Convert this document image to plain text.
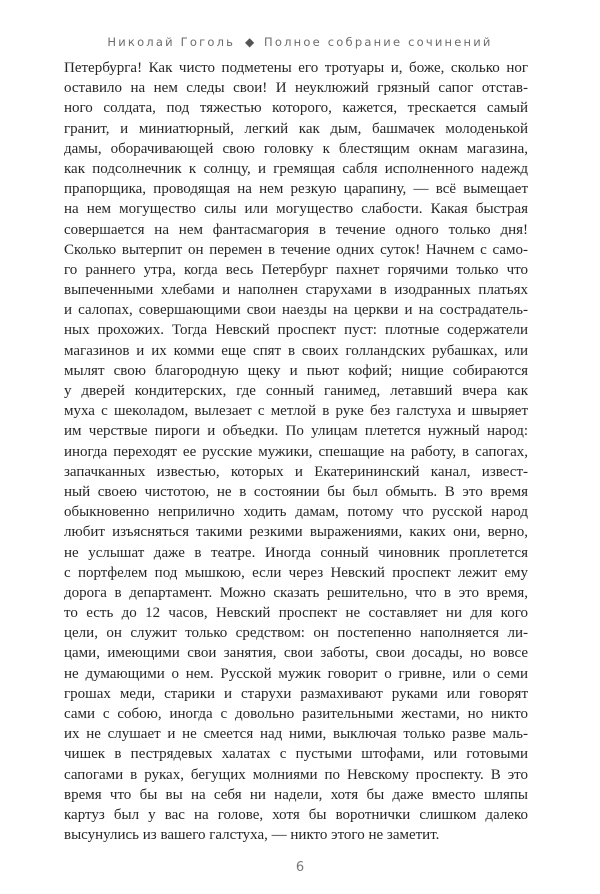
Николай Гоголь ◆ Полное собрание сочинений
Петербурга! Как чисто подметены его тротуары и, боже, сколько ног
оставило на нем следы свои! И неуклюжий грязный сапог отстав-
ного солдата, под тяжестью которого, кажется, трескается самый
гранит, и миниатюрный, легкий как дым, башмачек молоденькой
дамы, оборачивающей свою головку к блестящим окнам магазина,
как подсолнечник к солнцу, и гремящая сабля исполненного надежд
прапорщика, проводящая на нем резкую царапину, — всё вымещает
на нем могущество силы или могущество слабости. Какая быстрая
совершается на нем фантасмагория в течение одного только дня!
Сколько вытерпит он перемен в течение одних суток! Начнем с само-
го раннего утра, когда весь Петербург пахнет горячими только что
выпеченными хлебами и наполнен старухами в изодранных платьях
и салопах, совершающими свои наезды на церкви и на сострадатель-
ных прохожих. Тогда Невский проспект пуст: плотные содержатели
магазинов и их комми еще спят в своих голландских рубашках, или
мылят свою благородную щеку и пьют кофий; нищие собираются
у дверей кондитерских, где сонный ганимед, летавший вчера как
муха с шеколадом, вылезает с метлой в руке без галстуха и швыряет
им черствые пироги и объедки. По улицам плетется нужный народ:
иногда переходят ее русские мужики, спешащие на работу, в сапогах,
запачканных известью, которых и Екатерининский канал, извест-
ный своею чистотою, не в состоянии бы был обмыть. В это время
обыкновенно неприлично ходить дамам, потому что русской народ
любит изъясняться такими резкими выражениями, каких они, верно,
не услышат даже в театре. Иногда сонный чиновник проплетется
с портфелем под мышкою, если через Невский проспект лежит ему
дорога в департамент. Можно сказать решительно, что в это время,
то есть до 12 часов, Невский проспект не составляет ни для кого
цели, он служит только средством: он постепенно наполняется ли-
цами, имеющими свои занятия, свои заботы, свои досады, но вовсе
не думающими о нем. Русской мужик говорит о гривне, или о семи
грошах меди, старики и старухи размахивают руками или говорят
сами с собою, иногда с довольно разительными жестами, но никто
их не слушает и не смеется над ними, выключая только разве маль-
чишек в пестрядевых халатах с пустыми штофами, или готовыми
сапогами в руках, бегущих молниями по Невскому проспекту. В это
время что бы вы на себя ни надели, хотя бы даже вместо шляпы
картуз был у вас на голове, хотя бы воротнички слишком далеко
высунулись из вашего галстуха, — никто этого не заметит.
6
